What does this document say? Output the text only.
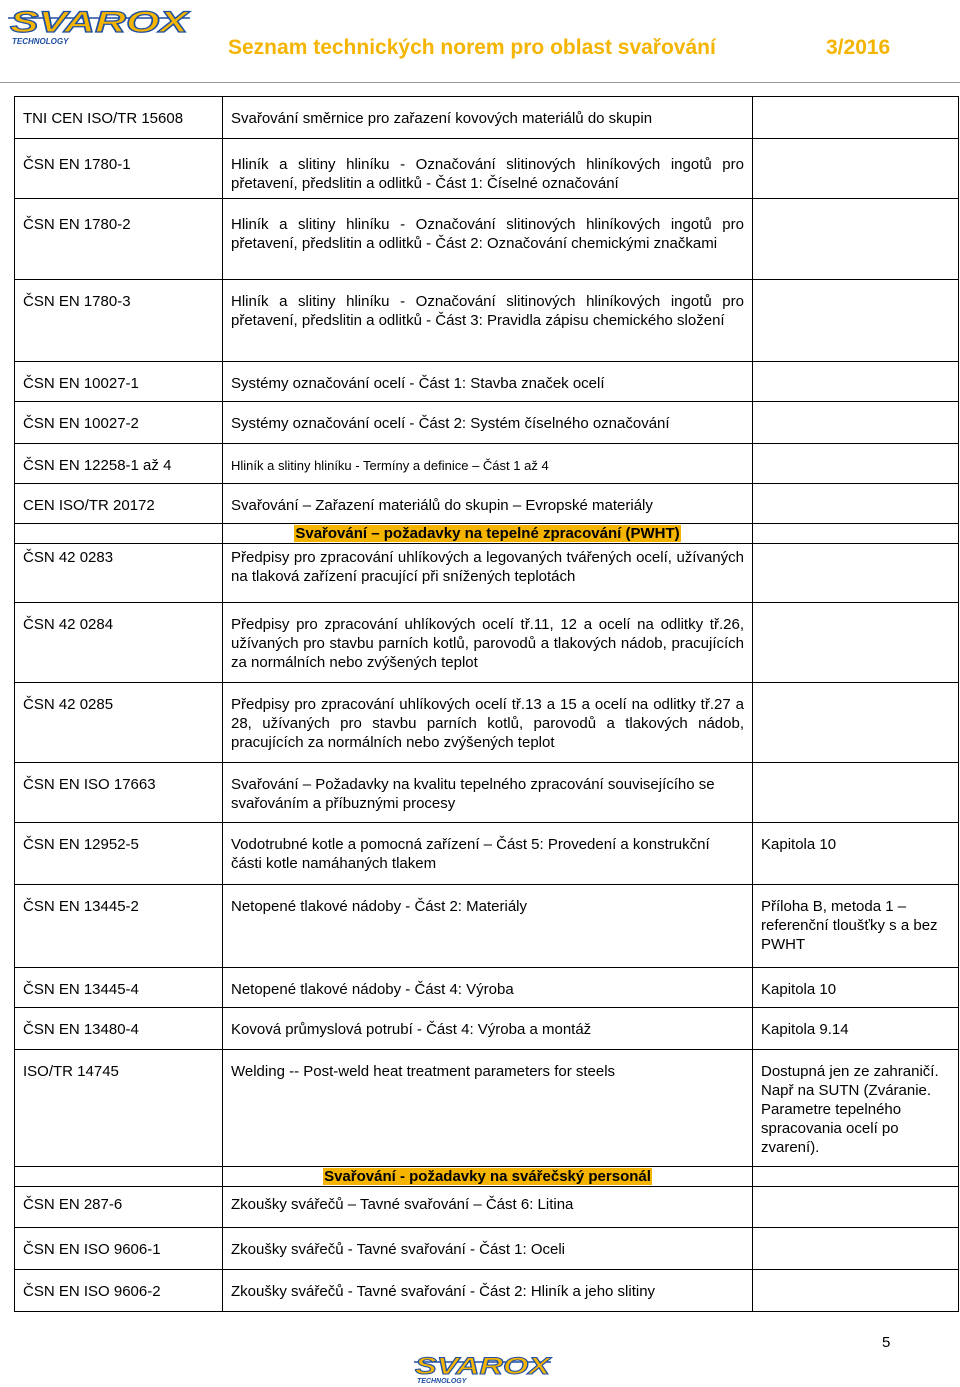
SVAROX
TECHNOLOGY	Seznam technických norem pro oblast svařování	3/2016
TNI CEN ISO/TR 15608	Svařování směrnice pro zařazení kovových materiálů do skupin	
ČSN EN 1780-1	Hliník a slitiny hliníku - Označování slitinových hliníkových ingotů pro přetavení, předslitin a odlitků - Část 1: Číselné označování	
ČSN EN 1780-2	Hliník a slitiny hliníku - Označování slitinových hliníkových ingotů pro přetavení, předslitin a odlitků - Část 2: Označování chemickými značkami	
ČSN EN 1780-3	Hliník a slitiny hliníku - Označování slitinových hliníkových ingotů pro přetavení, předslitin a odlitků - Část 3: Pravidla zápisu chemického složení	
ČSN EN 10027-1	Systémy označování ocelí - Část 1: Stavba značek ocelí	
ČSN EN 10027-2	Systémy označování ocelí - Část 2: Systém číselného označování	
ČSN EN 12258-1 až 4	Hliník a slitiny hliníku - Termíny a definice – Část 1 až 4	
CEN ISO/TR 20172	Svařování – Zařazení materiálů do skupin – Evropské materiály	
	Svařování – požadavky na tepelné zpracování (PWHT)	
ČSN 42 0283	Předpisy pro zpracování uhlíkových a legovaných tvářených ocelí, užívaných na tlaková zařízení pracující při snížených teplotách	
ČSN 42 0284	Předpisy pro zpracování uhlíkových ocelí tř.11, 12 a ocelí na odlitky tř.26, užívaných pro stavbu parních kotlů, parovodů a tlakových nádob, pracujících za normálních nebo zvýšených teplot	
ČSN 42 0285	Předpisy pro zpracování uhlíkových ocelí tř.13 a 15 a ocelí na odlitky tř.27 a 28, užívaných pro stavbu parních kotlů, parovodů a tlakových nádob, pracujících za normálních nebo zvýšených teplot	
ČSN EN ISO 17663	Svařování – Požadavky na kvalitu tepelného zpracování souvisejícího se svařováním a příbuznými procesy	
ČSN EN 12952-5	Vodotrubné kotle a pomocná zařízení – Část 5: Provedení a konstrukční části kotle namáhaných tlakem	Kapitola 10
ČSN EN 13445-2	Netopené tlakové nádoby - Část 2: Materiály	Příloha B, metoda 1 – referenční tloušťky s a bez PWHT
ČSN EN 13445-4	Netopené tlakové nádoby - Část 4: Výroba	Kapitola 10
ČSN EN 13480-4	Kovová průmyslová potrubí - Část 4: Výroba a montáž	Kapitola 9.14
ISO/TR 14745	Welding -- Post-weld heat treatment parameters for steels	Dostupná jen ze zahraničí. Např na SUTN (Zváranie. Parametre tepelného spracovania ocelí po zvarení).
	Svařování - požadavky na svářečský personál	
ČSN EN 287-6	Zkoušky svářečů – Tavné svařování – Část 6: Litina	
ČSN EN ISO 9606-1	Zkoušky svářečů - Tavné svařování - Část 1: Oceli	
ČSN EN ISO 9606-2	Zkoušky svářečů - Tavné svařování - Část 2: Hliník a jeho slitiny	
5
SVAROX
TECHNOLOGY
